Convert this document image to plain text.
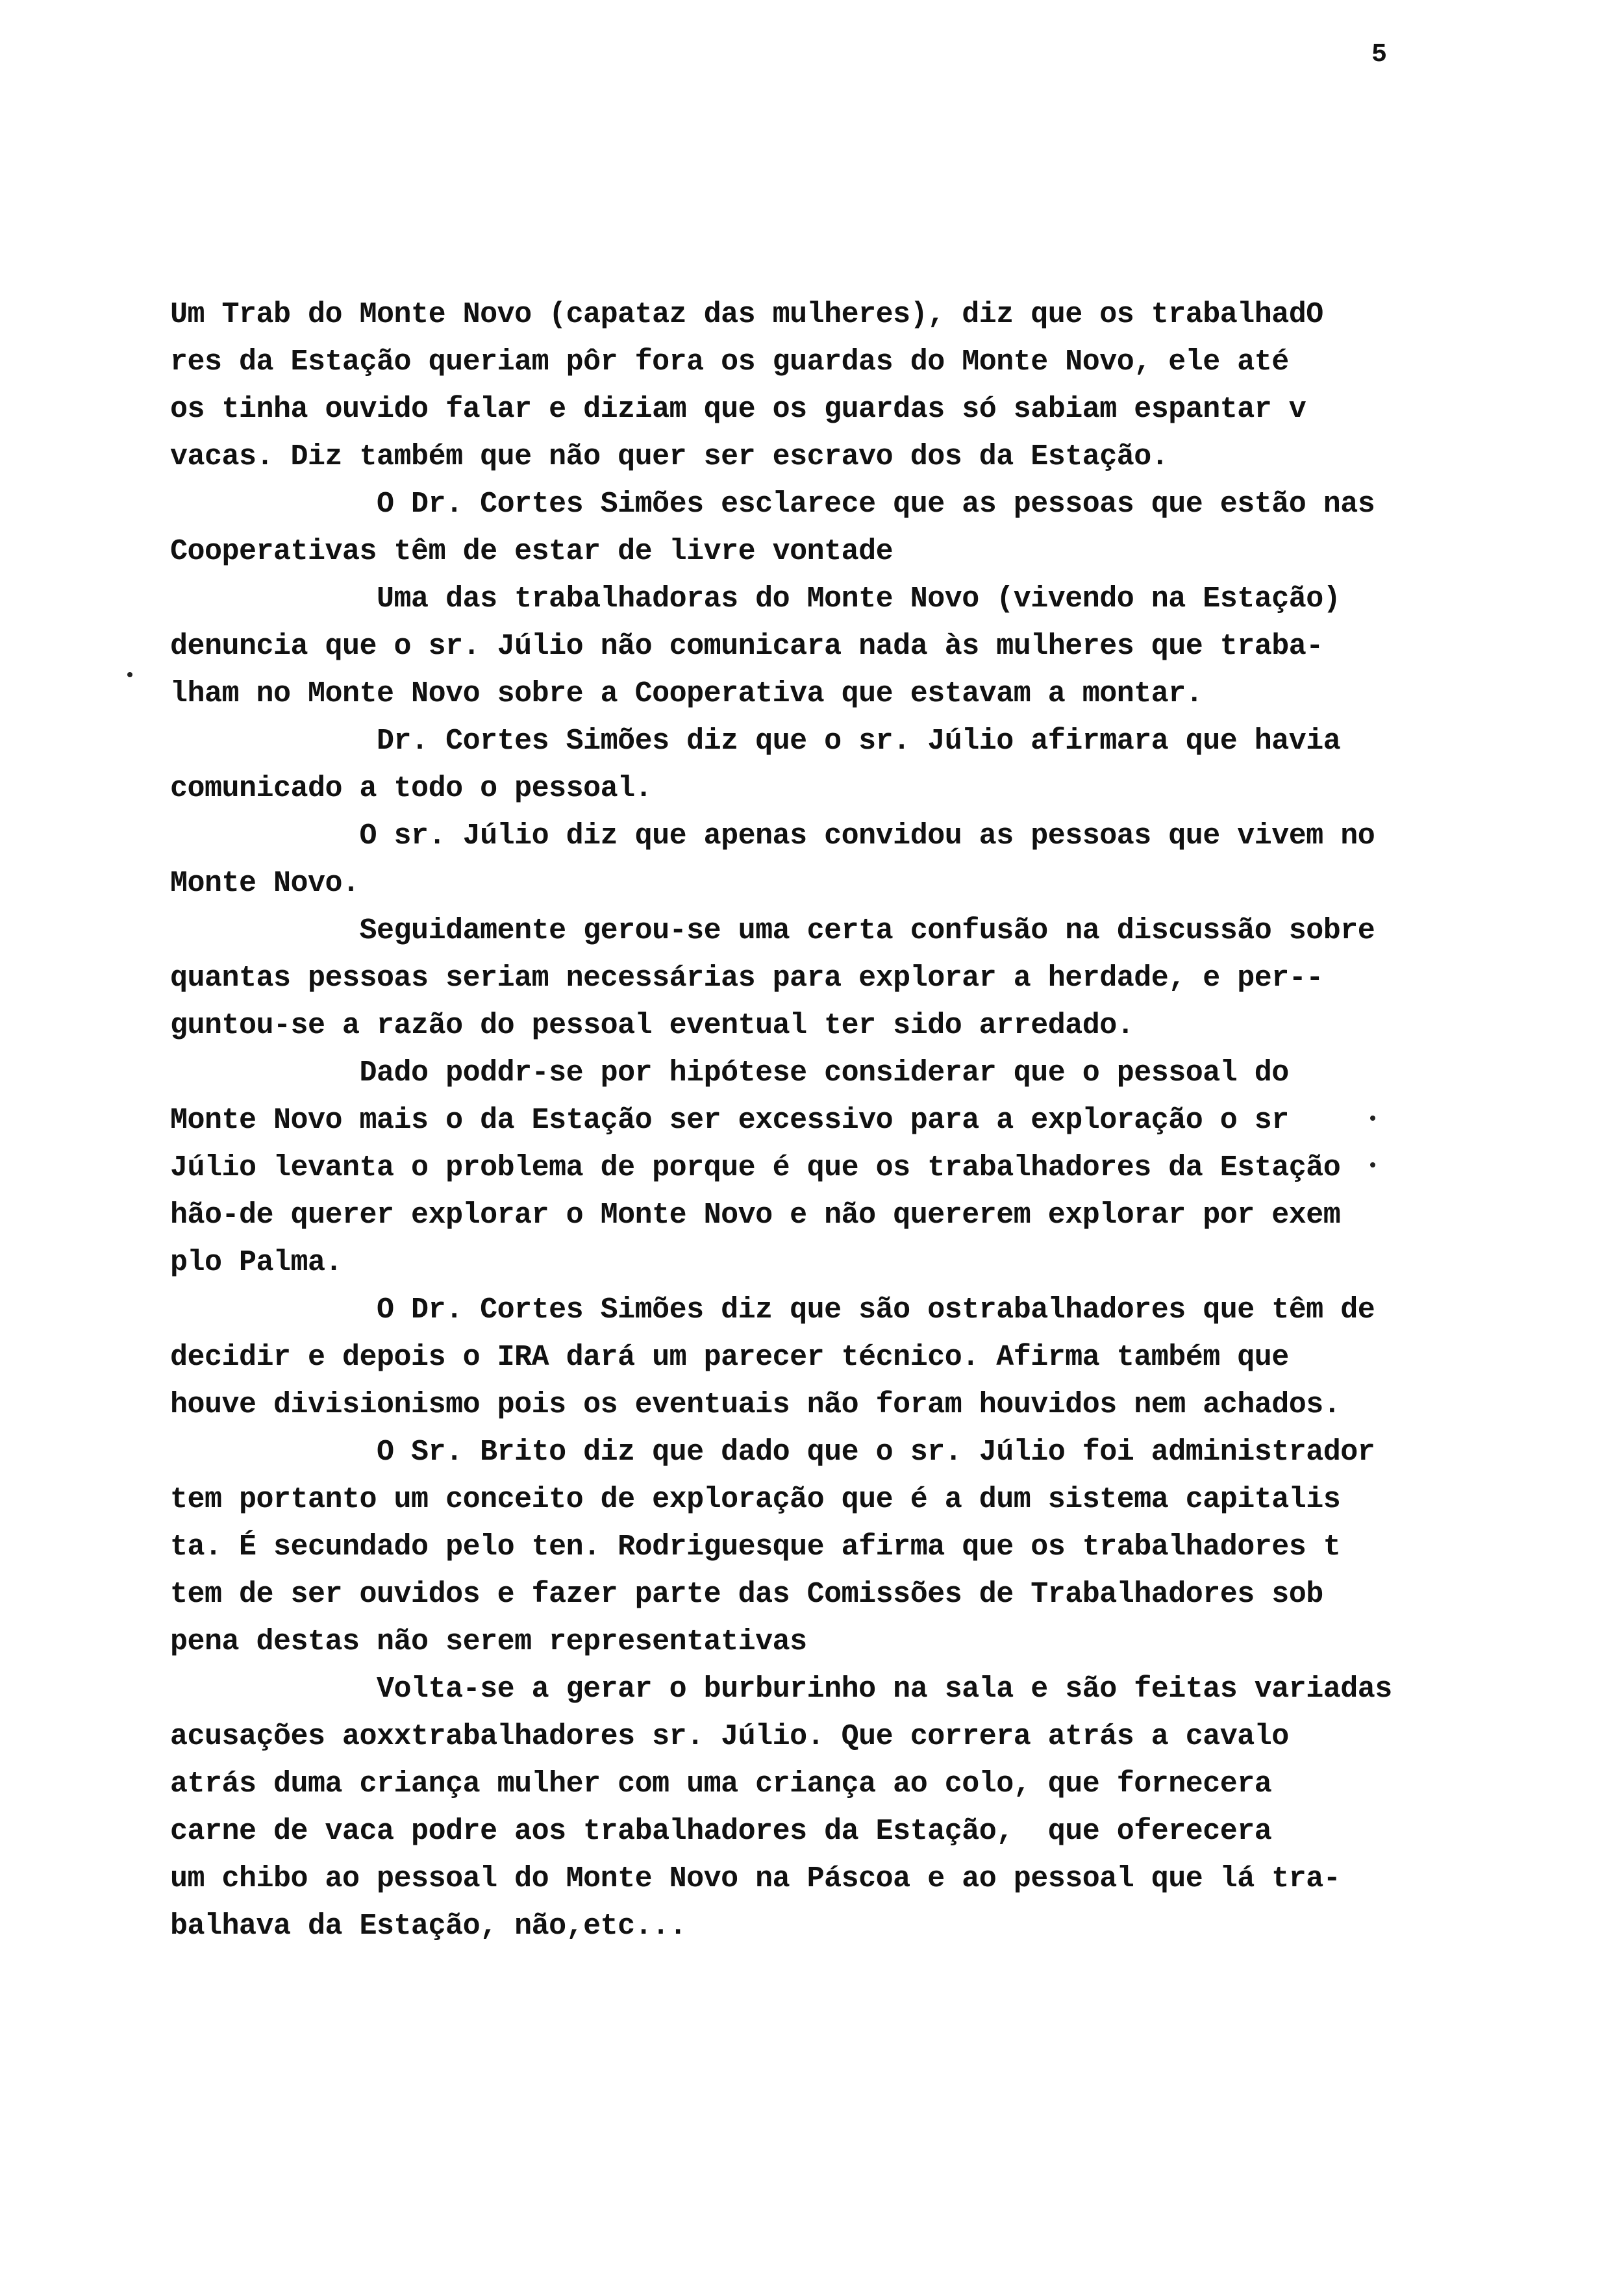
5
Um Trab do Monte Novo (capataz das mulheres), diz que os trabalhadO
res da Estação queriam pôr fora os guardas do Monte Novo, ele até
os tinha ouvido falar e diziam que os guardas só sabiam espantar v
vacas. Diz também que não quer ser escravo dos da Estação.
O Dr. Cortes Simões esclarece que as pessoas que estão nas
Cooperativas têm de estar de livre vontade
Uma das trabalhadoras do Monte Novo (vivendo na Estação)
denuncia que o sr. Júlio não comunicara nada às mulheres que traba-
lham no Monte Novo sobre a Cooperativa que estavam a montar.
Dr. Cortes Simões diz que o sr. Júlio afirmara que havia
comunicado a todo o pessoal.
O sr. Júlio diz que apenas convidou as pessoas que vivem no
Monte Novo.
Seguidamente gerou-se uma certa confusão na discussão sobre
quantas pessoas seriam necessárias para explorar a herdade, e per--
guntou-se a razão do pessoal eventual ter sido arredado.
Dado poddr-se por hipótese considerar que o pessoal do
Monte Novo mais o da Estação ser excessivo para a exploração o sr
Júlio levanta o problema de porque é que os trabalhadores da Estação
hão-de querer explorar o Monte Novo e não quererem explorar por exem
plo Palma.
O Dr. Cortes Simões diz que são ostrabalhadores que têm de
decidir e depois o IRA dará um parecer técnico. Afirma também que
houve divisionismo pois os eventuais não foram houvidos nem achados.
O Sr. Brito diz que dado que o sr. Júlio foi administrador
tem portanto um conceito de exploração que é a dum sistema capitalis
ta. É secundado pelo ten. Rodriguesque afirma que os trabalhadores t
tem de ser ouvidos e fazer parte das Comissões de Trabalhadores sob
pena destas não serem representativas
Volta-se a gerar o burburinho na sala e são feitas variadas
acusações aoxxtrabalhadores sr. Júlio. Que correra atrás a cavalo
atrás duma criança mulher com uma criança ao colo, que fornecera
carne de vaca podre aos trabalhadores da Estação,  que oferecera
um chibo ao pessoal do Monte Novo na Páscoa e ao pessoal que lá tra-
balhava da Estação, não,etc...
